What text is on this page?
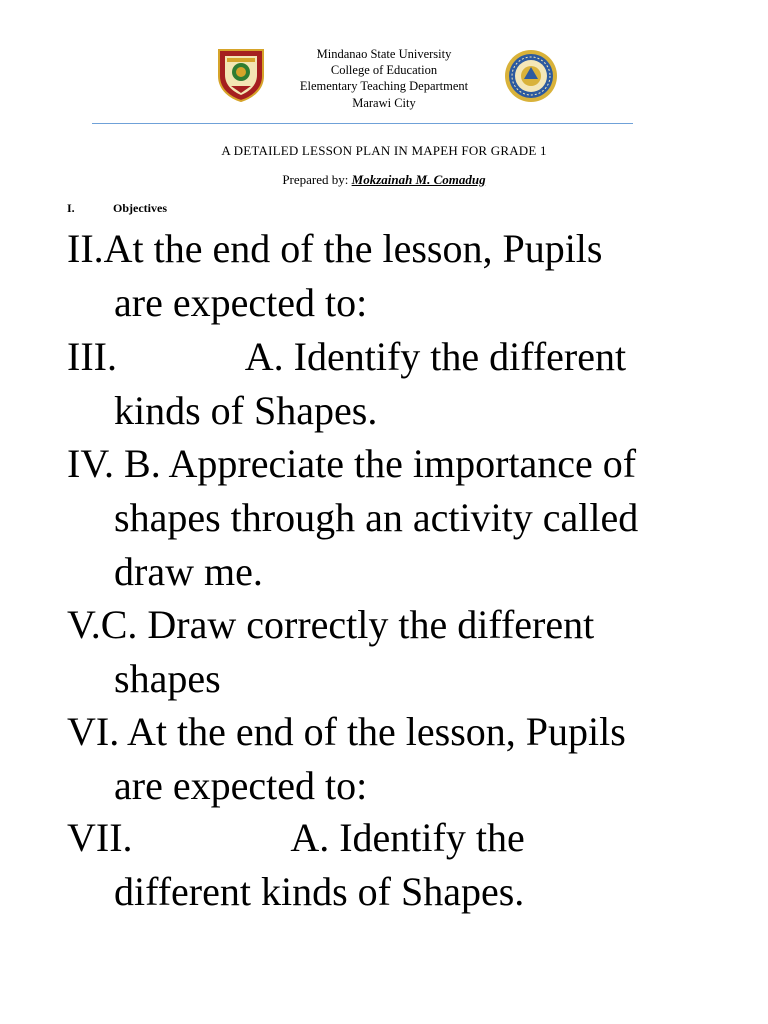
Mindanao State University
College of Education
Elementary Teaching Department
Marawi City
A DETAILED LESSON PLAN IN MAPEH FOR GRADE 1
Prepared by: Mokzainah M. Comadug
I.	Objectives
II.At the end of the lesson, Pupils
are expected to:
III.             A. Identify the different
kinds of Shapes.
IV. B. Appreciate the importance of
shapes through an activity called
draw me.
V.C. Draw correctly the different
shapes
VI. At the end of the lesson, Pupils
are expected to:
VII.                A. Identify the
different kinds of Shapes.
